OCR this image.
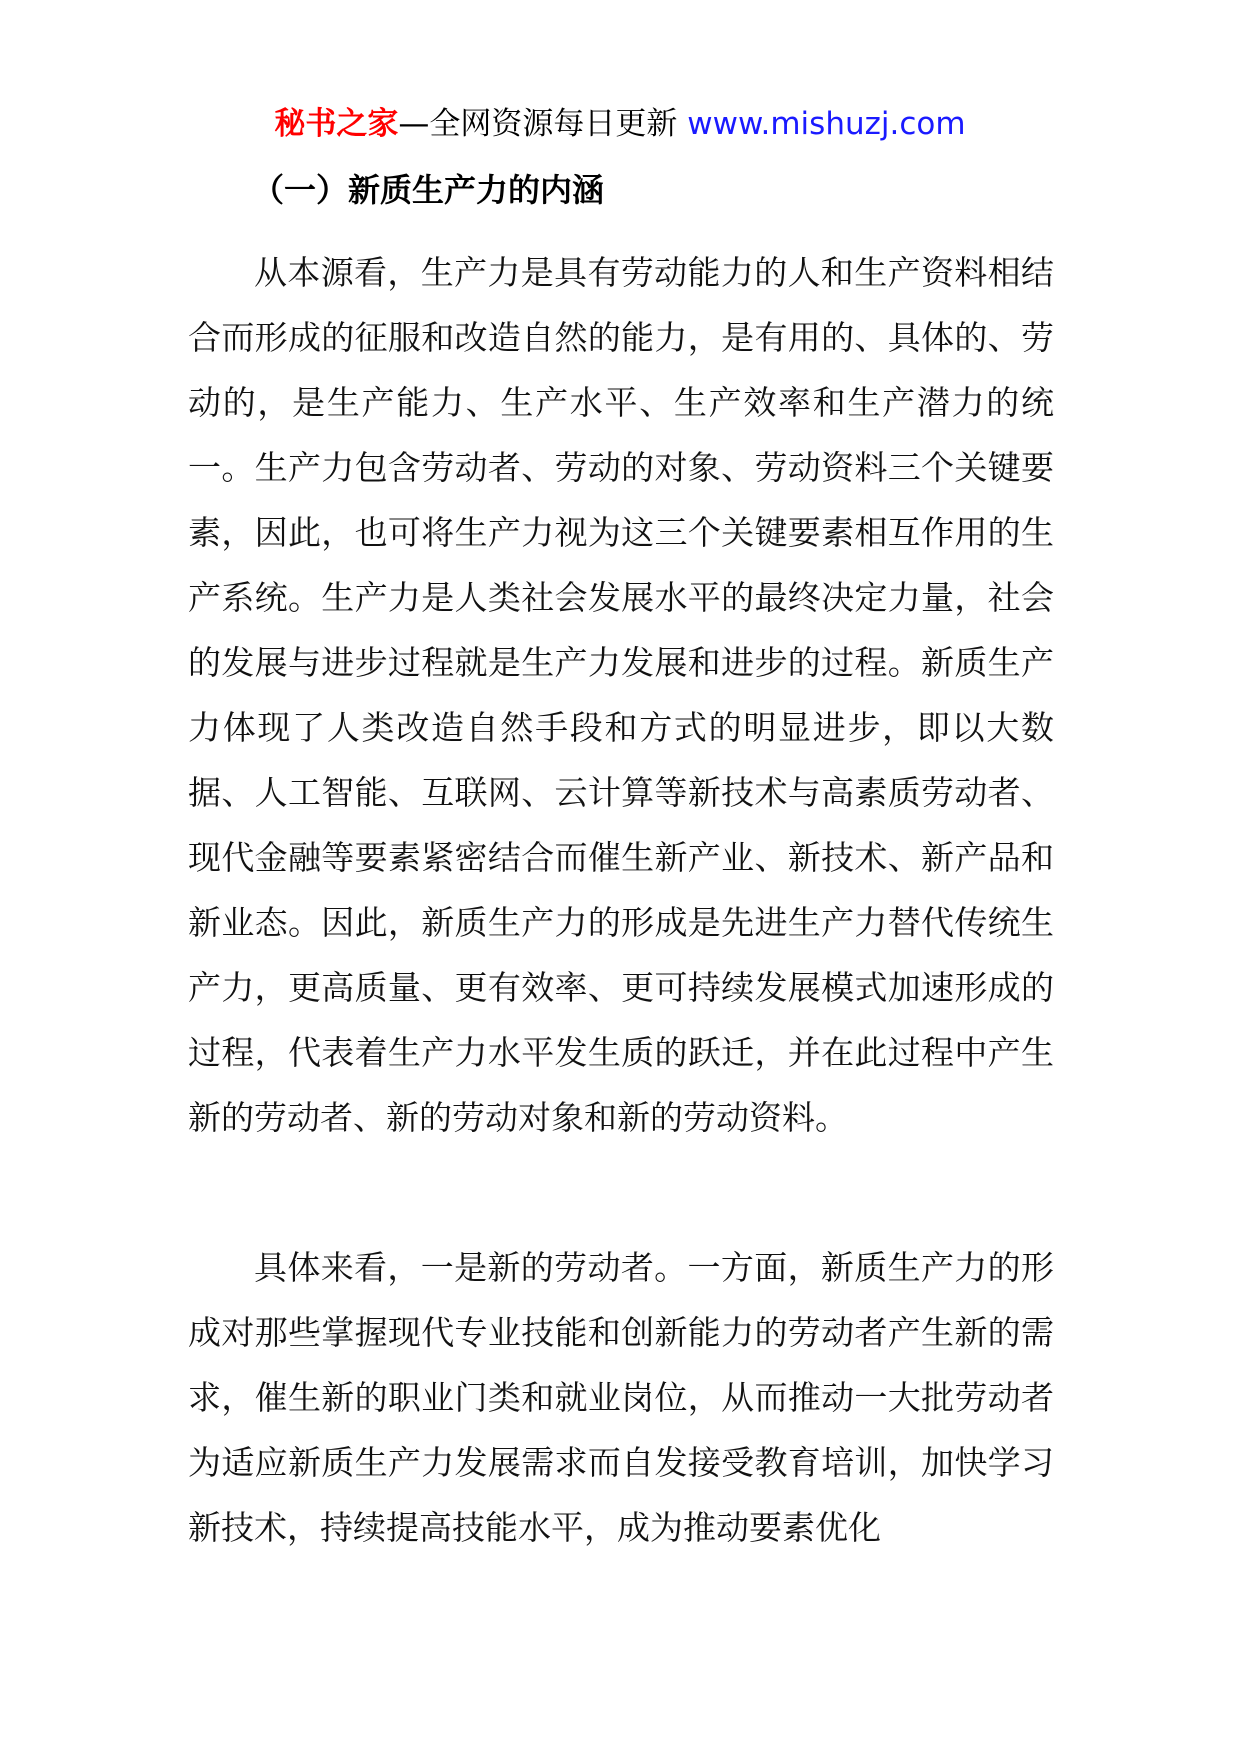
秘书之家—全网资源每日更新 www.mishuzj.com
（一）新质生产力的内涵

从本源看，生产力是具有劳动能力的人和生产资料相结合而形成的征服和改造自然的能力，是有用的、具体的、劳动的，是生产能力、生产水平、生产效率和生产潜力的统一。生产力包含劳动者、劳动的对象、劳动资料三个关键要素，因此，也可将生产力视为这三个关键要素相互作用的生产系统。生产力是人类社会发展水平的最终决定力量，社会的发展与进步过程就是生产力发展和进步的过程。新质生产力体现了人类改造自然手段和方式的明显进步，即以大数据、人工智能、互联网、云计算等新技术与高素质劳动者、现代金融等要素紧密结合而催生新产业、新技术、新产品和新业态。因此，新质生产力的形成是先进生产力替代传统生产力，更高质量、更有效率、更可持续发展模式加速形成的过程，代表着生产力水平发生质的跃迁，并在此过程中产生新的劳动者、新的劳动对象和新的劳动资料。

具体来看，一是新的劳动者。一方面，新质生产力的形成对那些掌握现代专业技能和创新能力的劳动者产生新的需求，催生新的职业门类和就业岗位，从而推动一大批劳动者为适应新质生产力发展需求而自发接受教育培训，加快学习新技术，持续提高技能水平，成为推动要素优化
